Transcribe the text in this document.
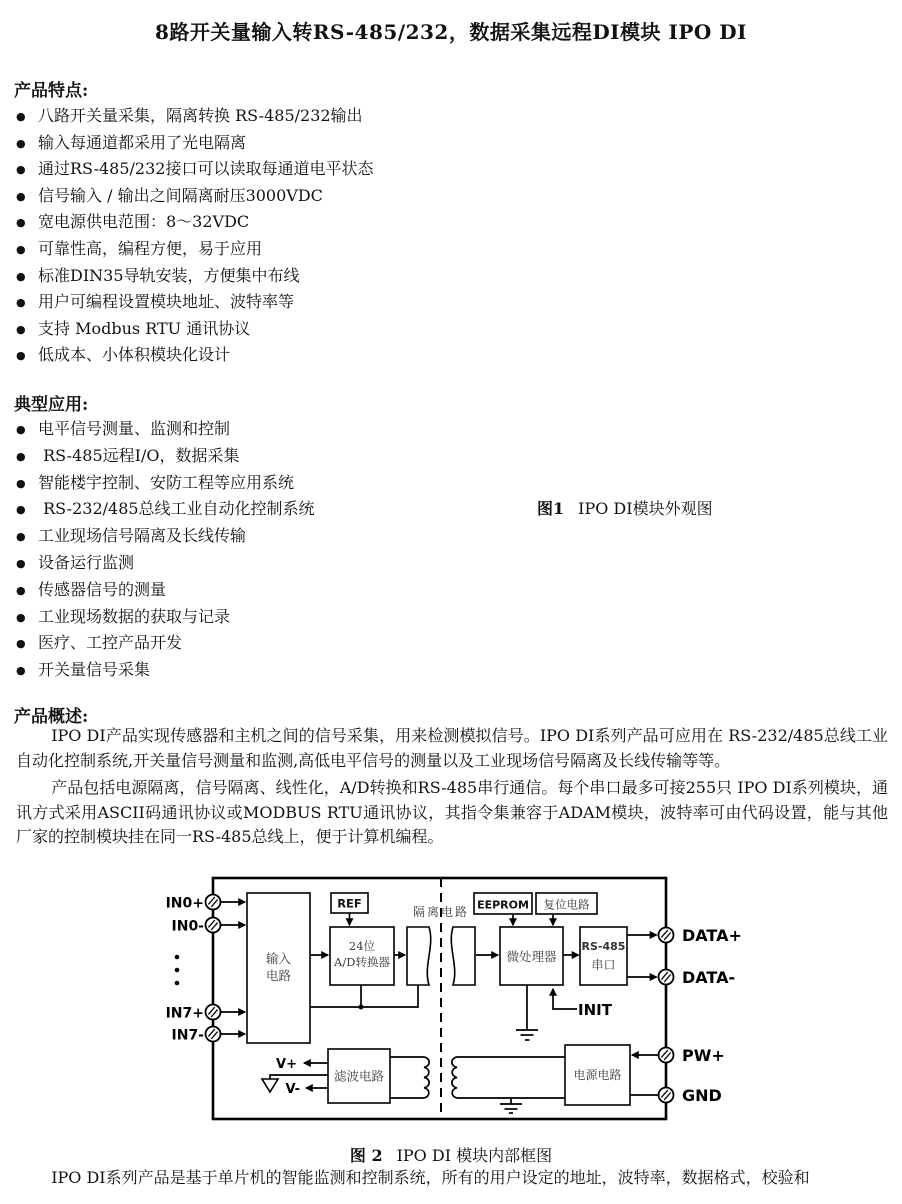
8路开关量输入转RS-485/232，数据采集远程DI模块 IPO DI
产品特点:
● 八路开关量采集，隔离转换 RS-485/232输出
● 输入每通道都采用了光电隔离
● 通过RS-485/232接口可以读取每通道电平状态
● 信号输入 / 输出之间隔离耐压3000VDC
● 宽电源供电范围：8～32VDC
● 可靠性高，编程方便，易于应用
● 标准DIN35导轨安装，方便集中布线
● 用户可编程设置模块地址、波特率等
● 支持 Modbus RTU 通讯协议
● 低成本、小体积模块化设计
典型应用:
● 电平信号测量、监测和控制
● RS-485远程I/O，数据采集
● 智能楼宇控制、安防工程等应用系统
● RS-232/485总线工业自动化控制系统
● 工业现场信号隔离及长线传输
● 设备运行监测
● 传感器信号的测量
● 工业现场数据的获取与记录
● 医疗、工控产品开发
● 开关量信号采集
图1 IPO DI模块外观图
产品概述:

IPO DI产品实现传感器和主机之间的信号采集，用来检测模拟信号。IPO DI系列产品可应用在 RS-232/485总线工业自动化控制系统,开关量信号测量和监测,高低电平信号的测量以及工业现场信号隔离及长线传输等等。

产品包括电源隔离，信号隔离、线性化，A/D转换和RS-485串行通信。每个串口最多可接255只 IPO DI系列模块，通讯方式采用ASCII码通讯协议或MODBUS RTU通讯协议，其指令集兼容于ADAM模块，波特率可由代码设置，能与其他厂家的控制模块挂在同一RS-485总线上，便于计算机编程。

输入
电路
REF
24位
A/D转换器
隔离电路 EEPROM 复位电路
微处理器
RS-485
串口
滤波电路	电源电路
IN0+
IN0-
IN7+
IN7-
DATA+
DATA-
PW+
GND
INIT
V+
V-
图 2 IPO DI 模块内部框图

IPO DI系列产品是基于单片机的智能监测和控制系统，所有的用户设定的地址，波特率，数据格式，校验和
